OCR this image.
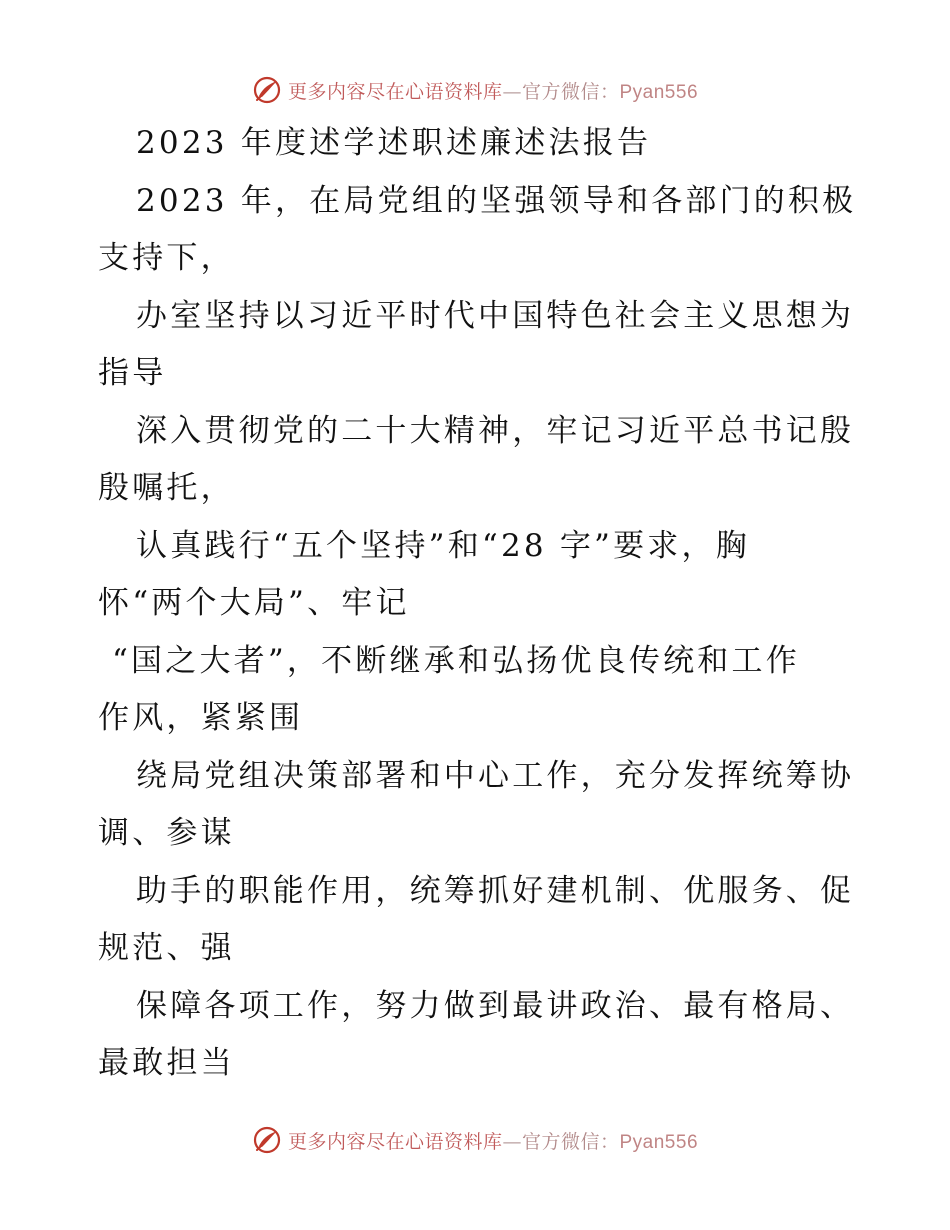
更多内容尽在心语资料库—官方微信：Pyan556
2023 年度述学述职述廉述法报告
2023 年，在局党组的坚强领导和各部门的积极
支持下，
办室坚持以习近平时代中国特色社会主义思想为
指导
深入贯彻党的二十大精神，牢记习近平总书记殷
殷嘱托，
认真践行“五个坚持”和“28 字”要求，胸
怀“两个大局”、牢记
“国之大者”，不断继承和弘扬优良传统和工作
作风，紧紧围
绕局党组决策部署和中心工作，充分发挥统筹协
调、参谋
助手的职能作用，统筹抓好建机制、优服务、促
规范、强
保障各项工作，努力做到最讲政治、最有格局、
最敢担当
更多内容尽在心语资料库—官方微信：Pyan556
